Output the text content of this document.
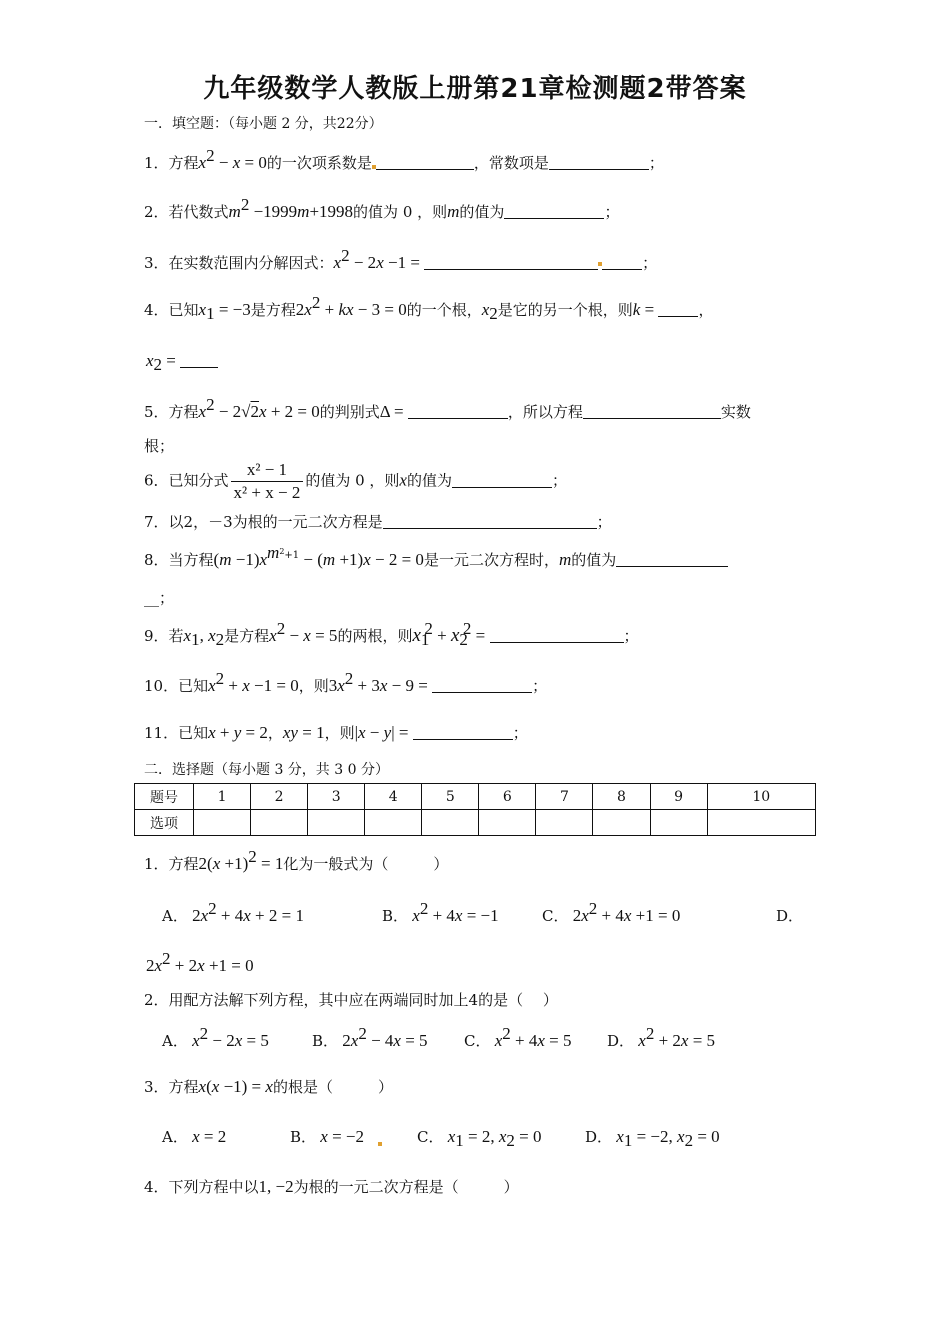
九年级数学人教版上册第21章检测题2带答案
一．填空题：（每小题 2 分，共22分）
1．方程$x^2 - x = 0$的一次项系数是	，常数项是	；
2．若代数式$m^2 -1999m+1998$的值为 0 ，则m的值为	；
3．在实数范围内分解因式：$x^2 - 2x -1$ =	；
4．已知$x_1 = -3$是方程$2x^2$ + kx − 3 = 0的一个根，$x_2$是它的另一个根，则k =	，
$x_2$ =
5．方程$x^2 - 2√2x + 2 = 0$的判别式Δ =	，所以方程	实数
根；
6．已知分式 $\frac{\text{x² − 1}}{\text{x² + x − 2}}$ 的值为 0 ，则x的值为	；
7．以2，－3为根的一元二次方程是	；
8．当方程$(m -1)x^{m^2+1} - (m +1)x - 2 = 0$是一元二次方程时，m的值为
__；
9．若$x_1$, $x_2$是方程$x^2 - x = 5$的两根，则$x_1^2 + x_2^2$ =	；
10．已知$x^2 + x -1 = 0$，则$3x^2 + 3x - 9$ =	；
11．已知x + y = 2，xy = 1，则|x − y| =	；
二．选择题（每小题 3 分，共 3 0 分）
题号	1	2	3	4	5	6	7	8	9	10
选项										
1．方程$2(x +1)^2 = 1$化为一般式为（　　　）
A． $2x^2 + 4x + 2 = 1$	B． $x^2 + 4x = -1$	C． $2x^2 + 4x +1 = 0$	D．
$2x^2 + 2x +1 = 0$
2．用配方法解下列方程，其中应在两端同时加上4的是（　 ）
A． $x^2 - 2x = 5$	B． $2x^2 - 4x = 5$ C． $x^2 + 4x = 5$ D． $x^2 + 2x = 5$
3．方程x(x −1) = x的根是（　　　）
A． x = 2	B． x = −2	C． $x_1 = 2$, $x_2 = 0$	D． $x_1 = -2$, $x_2 = 0$
4．下列方程中以1, −2为根的一元二次方程是（　　　）
